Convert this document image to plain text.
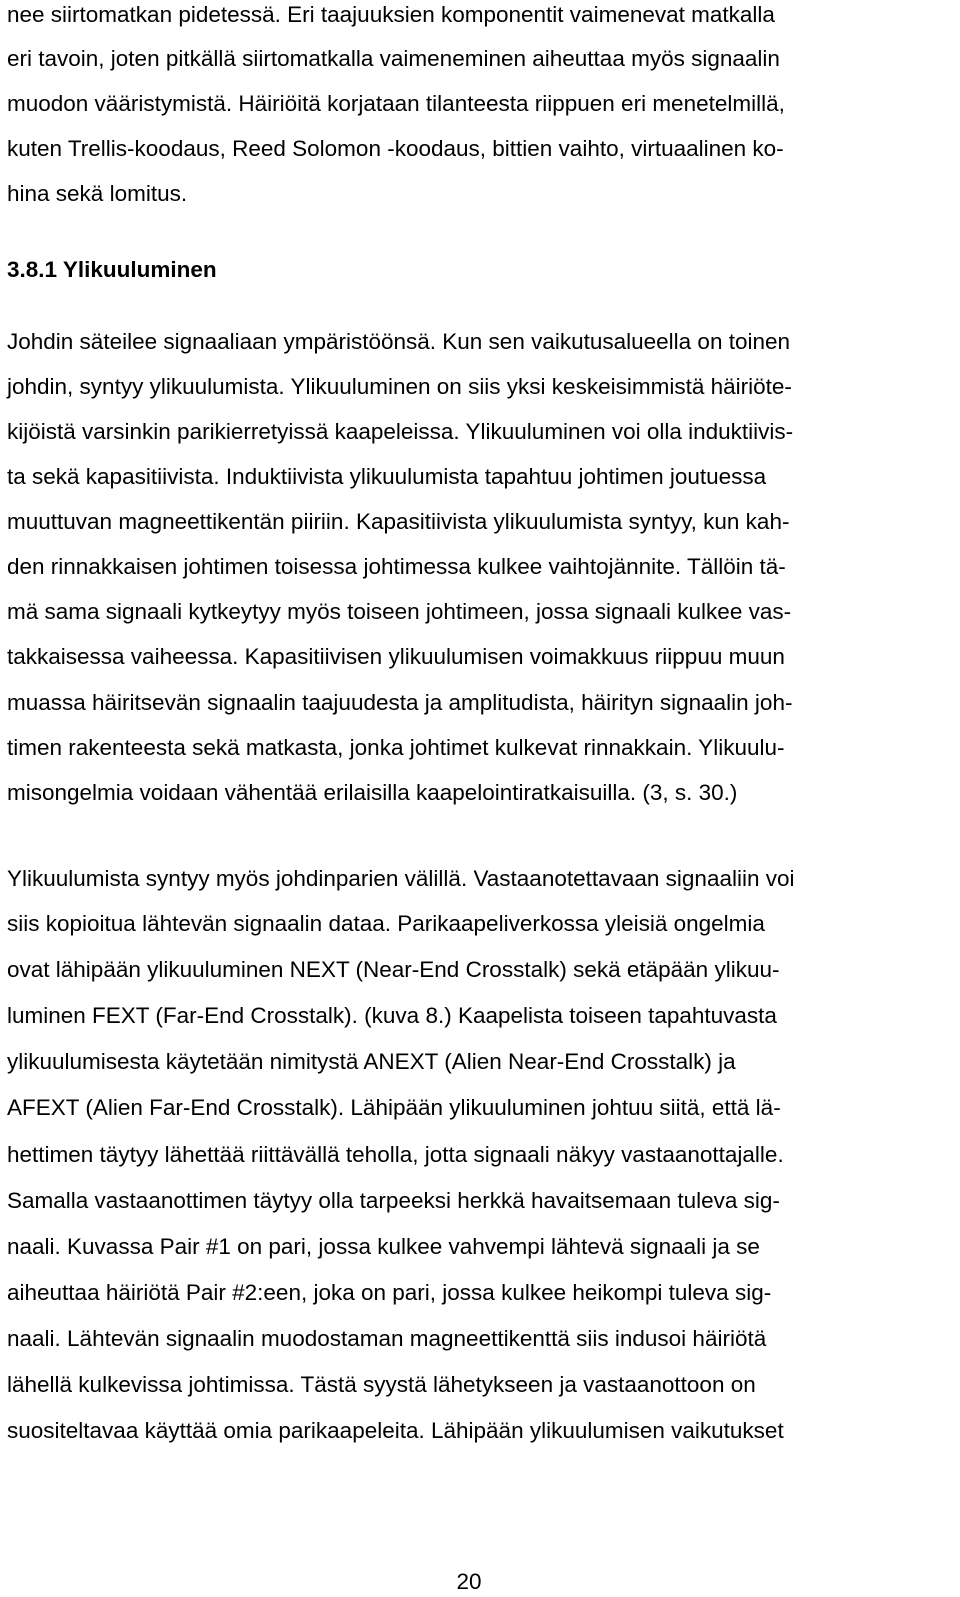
nee siirtomatkan pidetessä. Eri taajuuksien komponentit vaimenevat matkalla
eri tavoin, joten pitkällä siirtomatkalla vaimeneminen aiheuttaa myös signaalin
muodon vääristymistä. Häiriöitä korjataan tilanteesta riippuen eri menetelmillä,
kuten Trellis-koodaus, Reed Solomon -koodaus, bittien vaihto, virtuaalinen ko-
hina sekä lomitus.
3.8.1 Ylikuuluminen
Johdin säteilee signaaliaan ympäristöönsä. Kun sen vaikutusalueella on toinen
johdin, syntyy ylikuulumista. Ylikuuluminen on siis yksi keskeisimmistä häiriöte-
kijöistä varsinkin parikierretyissä kaapeleissa. Ylikuuluminen voi olla induktiivis-
ta sekä kapasitiivista. Induktiivista ylikuulumista tapahtuu johtimen joutuessa
muuttuvan magneettikentän piiriin. Kapasitiivista ylikuulumista syntyy, kun kah-
den rinnakkaisen johtimen toisessa johtimessa kulkee vaihtojännite. Tällöin tä-
mä sama signaali kytkeytyy myös toiseen johtimeen, jossa signaali kulkee vas-
takkaisessa vaiheessa. Kapasitiivisen ylikuulumisen voimakkuus riippuu muun
muassa häiritsevän signaalin taajuudesta ja amplitudista, häirityn signaalin joh-
timen rakenteesta sekä matkasta, jonka johtimet kulkevat rinnakkain. Ylikuulu-
misongelmia voidaan vähentää erilaisilla kaapelointiratkaisuilla. (3, s. 30.)
Ylikuulumista syntyy myös johdinparien välillä. Vastaanotettavaan signaaliin voi
siis kopioitua lähtevän signaalin dataa. Parikaapeliverkossa yleisiä ongelmia
ovat lähipään ylikuuluminen NEXT (Near-End Crosstalk) sekä etäpään ylikuu-
luminen FEXT (Far-End Crosstalk). (kuva 8.) Kaapelista toiseen tapahtuvasta
ylikuulumisesta käytetään nimitystä ANEXT (Alien Near-End Crosstalk) ja
AFEXT (Alien Far-End Crosstalk). Lähipään ylikuuluminen johtuu siitä, että lä-
hettimen täytyy lähettää riittävällä teholla, jotta signaali näkyy vastaanottajalle.
Samalla vastaanottimen täytyy olla tarpeeksi herkkä havaitsemaan tuleva sig-
naali. Kuvassa Pair #1 on pari, jossa kulkee vahvempi lähtevä signaali ja se
aiheuttaa häiriötä Pair #2:een, joka on pari, jossa kulkee heikompi tuleva sig-
naali. Lähtevän signaalin muodostaman magneettikenttä siis indusoi häiriötä
lähellä kulkevissa johtimissa. Tästä syystä lähetykseen ja vastaanottoon on
suositeltavaa käyttää omia parikaapeleita. Lähipään ylikuulumisen vaikutukset
20
